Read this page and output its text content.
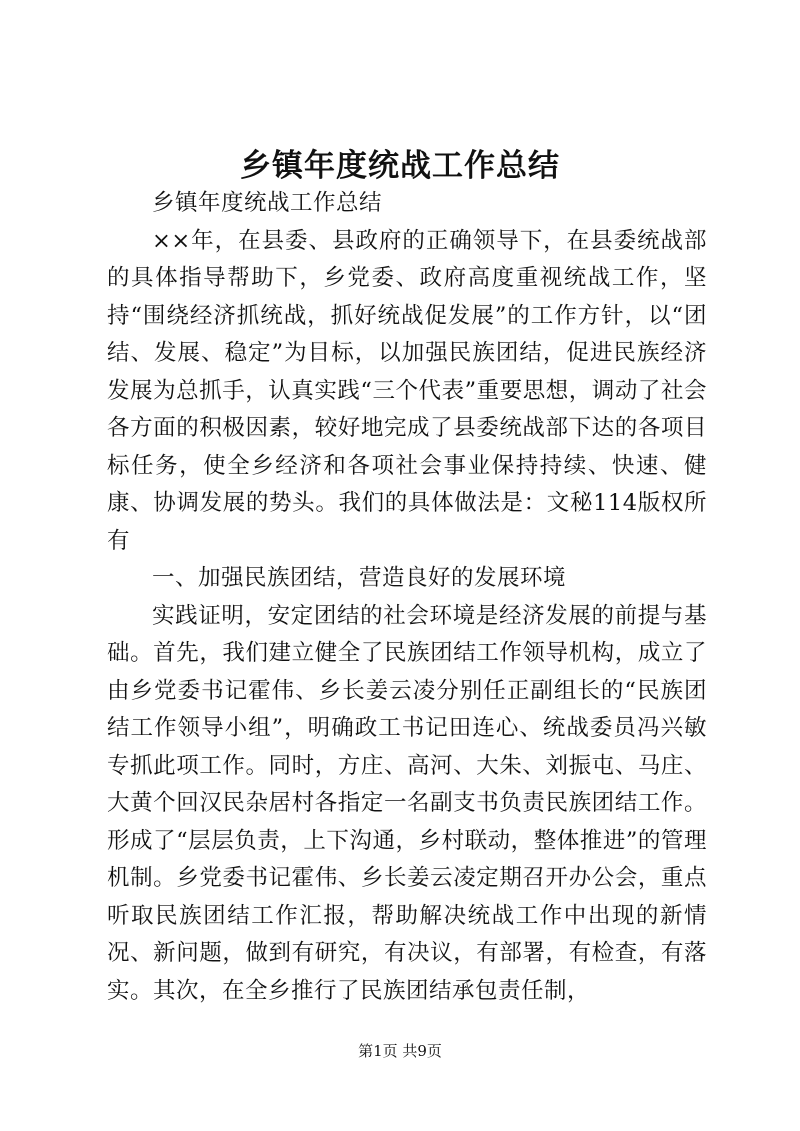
乡镇年度统战工作总结

乡镇年度统战工作总结

××年，在县委、县政府的正确领导下，在县委统战部的具体指导帮助下，乡党委、政府高度重视统战工作，坚持“围绕经济抓统战，抓好统战促发展”的工作方针，以“团结、发展、稳定”为目标，以加强民族团结，促进民族经济发展为总抓手，认真实践“三个代表”重要思想，调动了社会各方面的积极因素，较好地完成了县委统战部下达的各项目标任务，使全乡经济和各项社会事业保持持续、快速、健康、协调发展的势头。我们的具体做法是：文秘114版权所有

一、加强民族团结，营造良好的发展环境

实践证明，安定团结的社会环境是经济发展的前提与基础。首先，我们建立健全了民族团结工作领导机构，成立了由乡党委书记霍伟、乡长姜云凌分别任正副组长的“民族团结工作领导小组”，明确政工书记田连心、统战委员冯兴敏专抓此项工作。同时，方庄、高河、大朱、刘振屯、马庄、大黄个回汉民杂居村各指定一名副支书负责民族团结工作。形成了“层层负责，上下沟通，乡村联动，整体推进”的管理机制。乡党委书记霍伟、乡长姜云凌定期召开办公会，重点听取民族团结工作汇报，帮助解决统战工作中出现的新情况、新问题，做到有研究，有决议，有部署，有检查，有落实。其次，在全乡推行了民族团结承包责任制，

第1页 共9页
